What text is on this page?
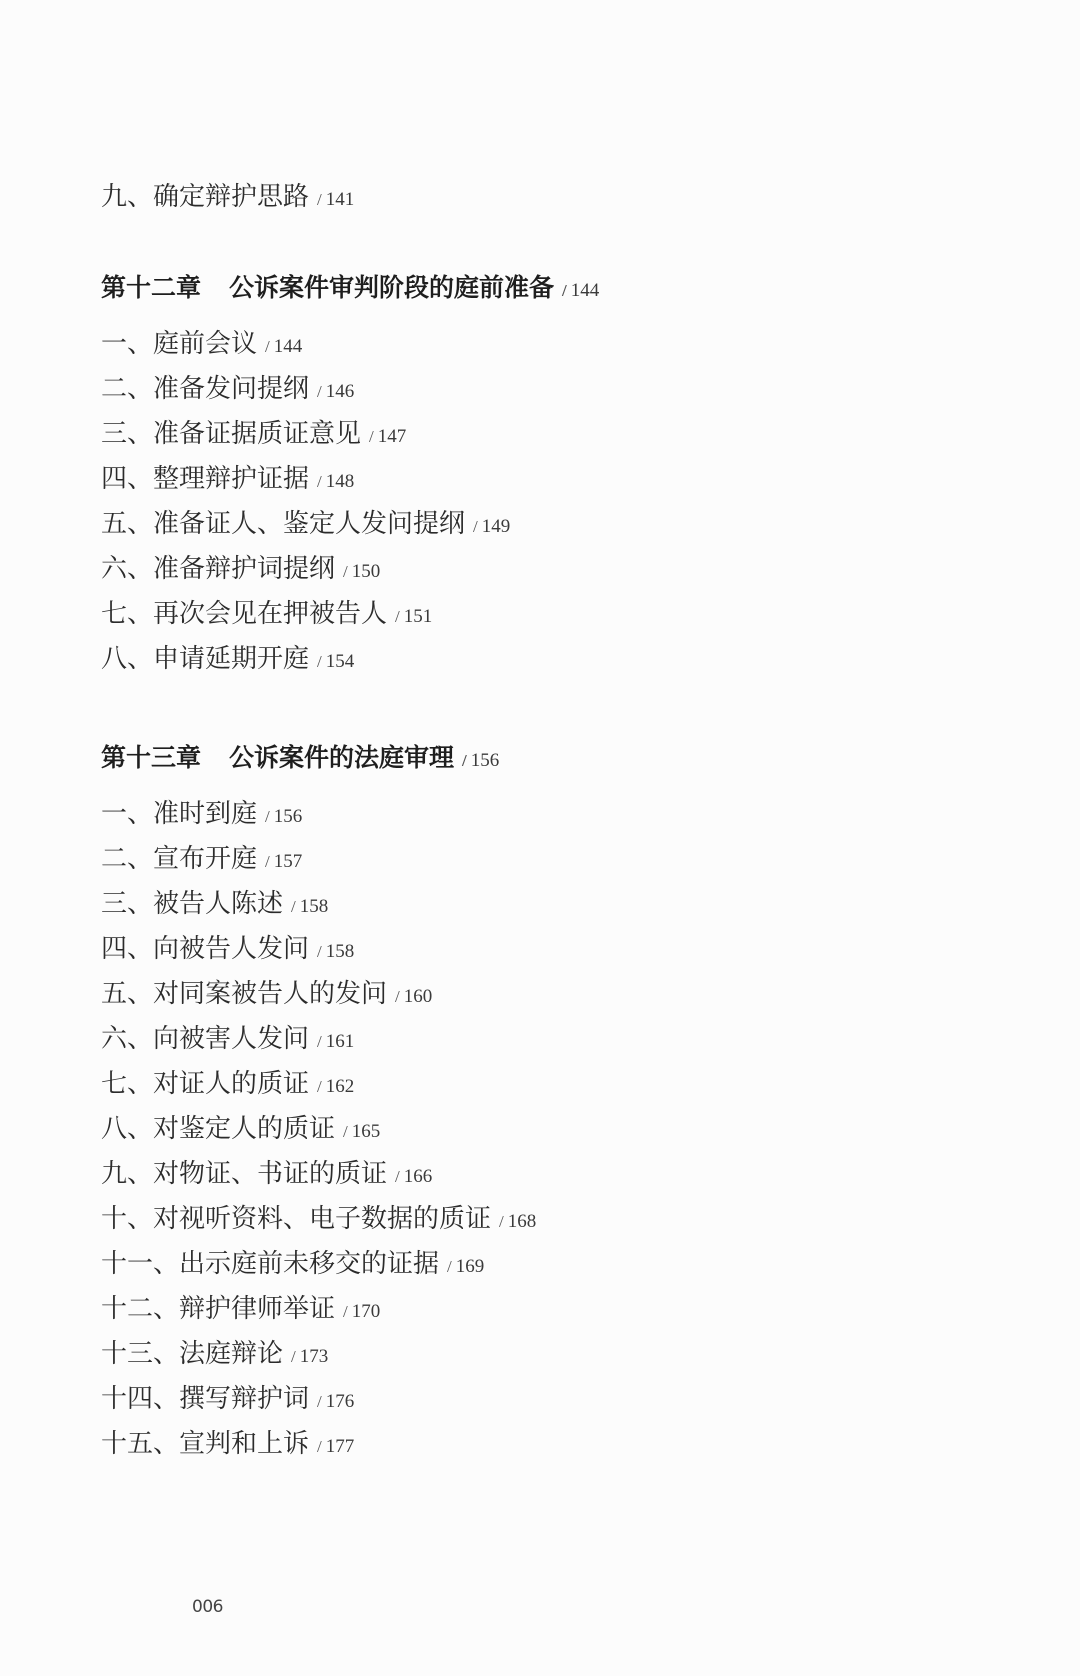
九、确定辩护思路 / 141
第十二章 公诉案件审判阶段的庭前准备 / 144
一、庭前会议 / 144
二、准备发问提纲 / 146
三、准备证据质证意见 / 147
四、整理辩护证据 / 148
五、准备证人、鉴定人发问提纲 / 149
六、准备辩护词提纲 / 150
七、再次会见在押被告人 / 151
八、申请延期开庭 / 154
第十三章 公诉案件的法庭审理 / 156
一、准时到庭 / 156
二、宣布开庭 / 157
三、被告人陈述 / 158
四、向被告人发问 / 158
五、对同案被告人的发问 / 160
六、向被害人发问 / 161
七、对证人的质证 / 162
八、对鉴定人的质证 / 165
九、对物证、书证的质证 / 166
十、对视听资料、电子数据的质证 / 168
十一、出示庭前未移交的证据 / 169
十二、辩护律师举证 / 170
十三、法庭辩论 / 173
十四、撰写辩护词 / 176
十五、宣判和上诉 / 177
006
